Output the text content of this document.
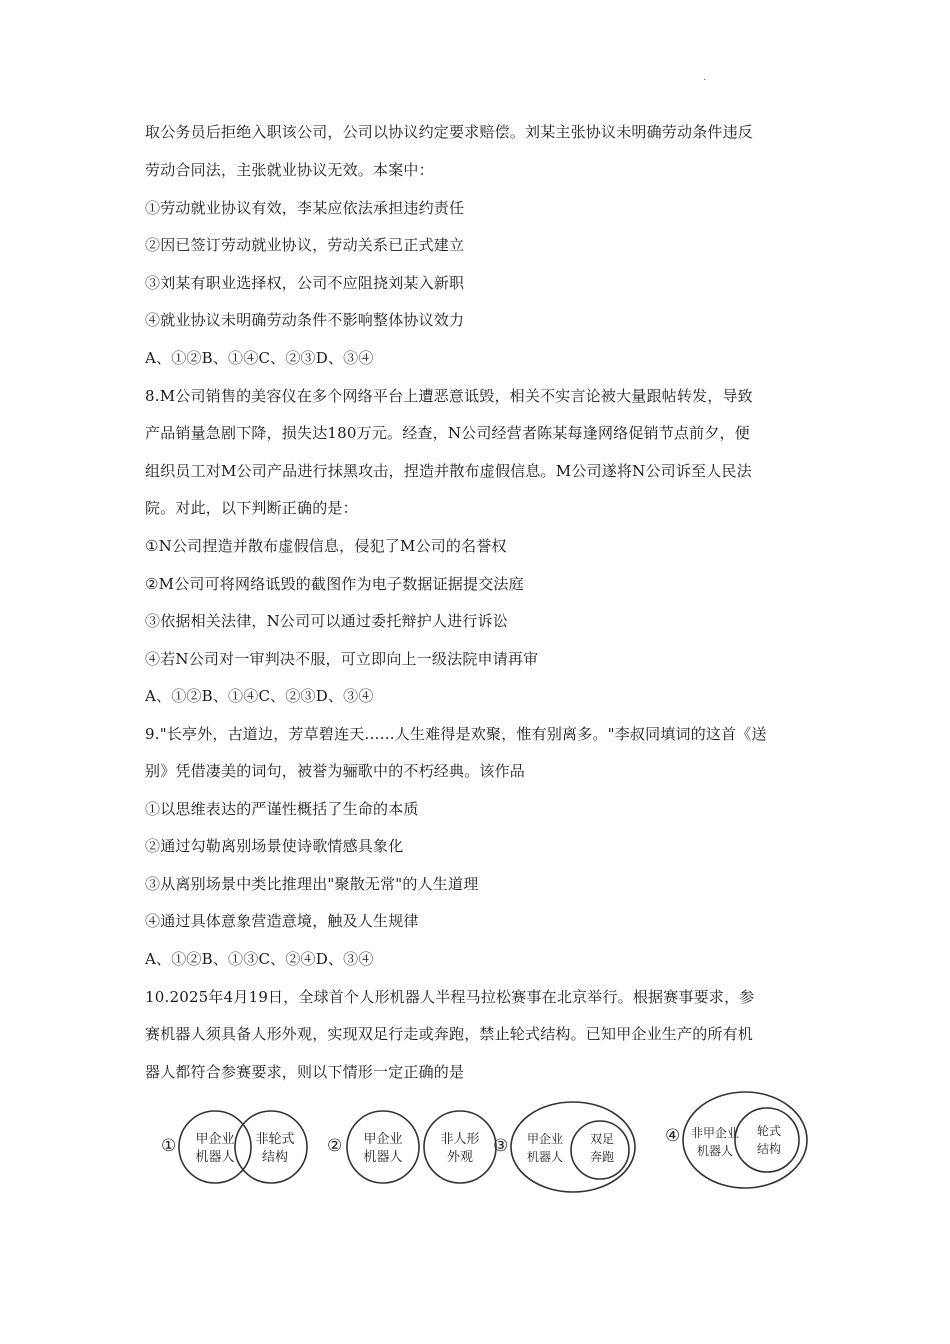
.
取公务员后拒绝入职该公司，公司以协议约定要求赔偿。刘某主张协议未明确劳动条件违反
劳动合同法，主张就业协议无效。本案中：
①劳动就业协议有效，李某应依法承担违约责任
②因已签订劳动就业协议，劳动关系已正式建立
③刘某有职业选择权，公司不应阻挠刘某入新职
④就业协议未明确劳动条件不影响整体协议效力
A、①②B、①④C、②③D、③④
8.M公司销售的美容仪在多个网络平台上遭恶意诋毁，相关不实言论被大量跟帖转发，导致
产品销量急剧下降，损失达180万元。经查，N公司经营者陈某每逢网络促销节点前夕，便
组织员工对M公司产品进行抹黑攻击，捏造并散布虚假信息。M公司遂将N公司诉至人民法
院。对此，以下判断正确的是：
①N公司捏造并散布虚假信息，侵犯了M公司的名誉权
②M公司可将网络诋毁的截图作为电子数据证据提交法庭
③依据相关法律，N公司可以通过委托辩护人进行诉讼
④若N公司对一审判决不服，可立即向上一级法院申请再审
A、①②B、①④C、②③D、③④
9."长亭外，古道边，芳草碧连天……人生难得是欢聚，惟有别离多。"李叔同填词的这首《送
别》凭借凄美的词句，被誉为骊歌中的不朽经典。该作品
①以思维表达的严谨性概括了生命的本质
②通过勾勒离别场景使诗歌情感具象化
③从离别场景中类比推理出"聚散无常"的人生道理
④通过具体意象营造意境，触及人生规律
A、①②B、①③C、②④D、③④
10.2025年4月19日，全球首个人形机器人半程马拉松赛事在北京举行。根据赛事要求，参
赛机器人须具备人形外观，实现双足行走或奔跑，禁止轮式结构。已知甲企业生产的所有机
器人都符合参赛要求，则以下情形一定正确的是
① 甲企业
机器人
非轮式
结构
② 甲企业
机器人
非人形
外观
③ 甲企业
机器人
双足
奔跑
④ 非甲企业
机器人
轮式
结构
